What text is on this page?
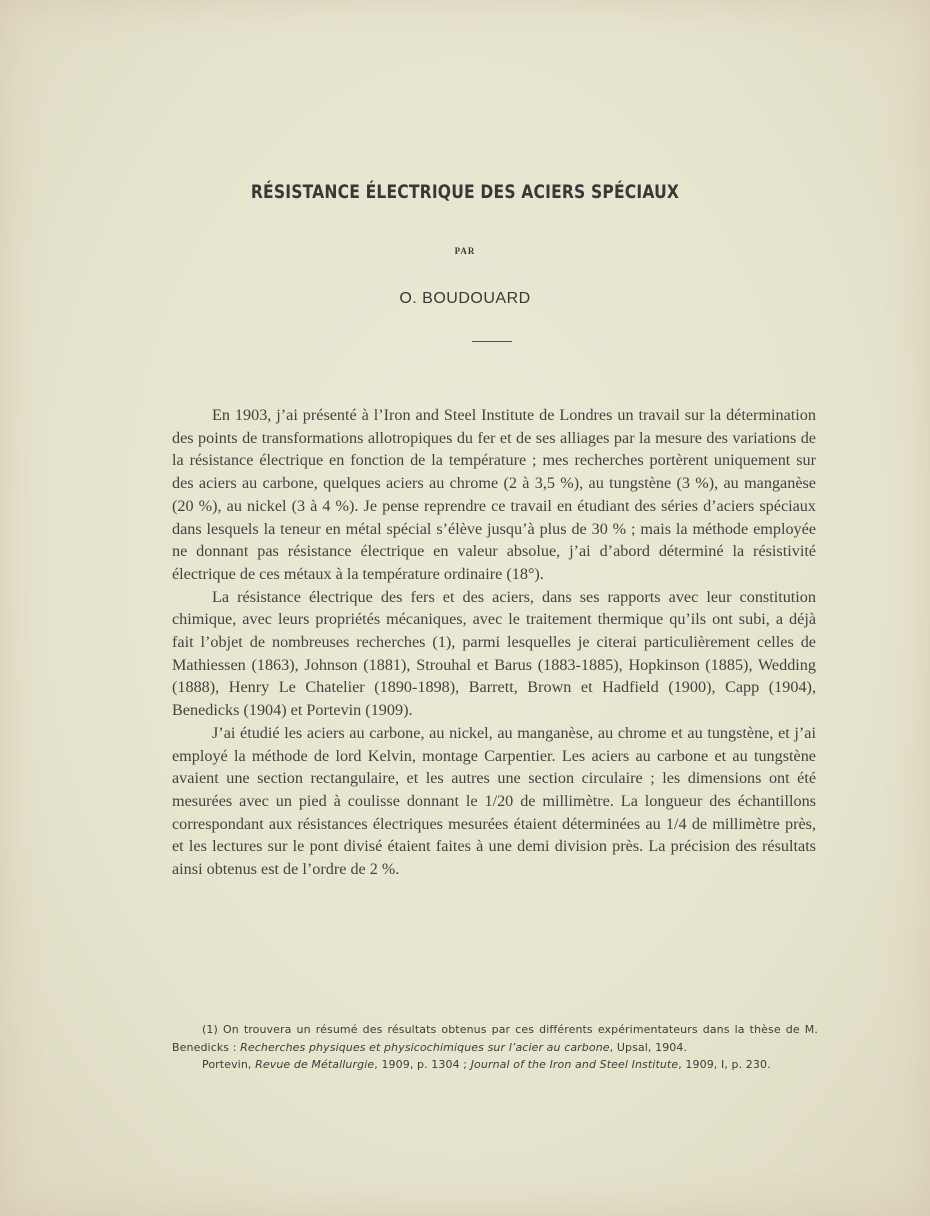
RÉSISTANCE ÉLECTRIQUE DES ACIERS SPÉCIAUX
PAR
O. BOUDOUARD

En 1903, j’ai présenté à l’Iron and Steel Institute de Londres un travail sur la détermination des points de transformations allotropiques du fer et de ses alliages par la mesure des variations de la résistance électrique en fonction de la température ; mes recherches portèrent uniquement sur des aciers au carbone, quelques aciers au chrome (2 à 3,5 %), au tungstène (3 %), au manganèse (20 %), au nickel (3 à 4 %). Je pense reprendre ce travail en étudiant des séries d’aciers spéciaux dans lesquels la teneur en métal spécial s’élève jusqu’à plus de 30 % ; mais la méthode employée ne donnant pas résistance électrique en valeur absolue, j’ai d’abord déterminé la résistivité électrique de ces métaux à la température ordinaire (18°).

La résistance électrique des fers et des aciers, dans ses rapports avec leur constitution chimique, avec leurs propriétés mécaniques, avec le traitement thermique qu’ils ont subi, a déjà fait l’objet de nombreuses recherches (1), parmi lesquelles je citerai particulièrement celles de Mathiessen (1863), Johnson (1881), Strouhal et Barus (1883-1885), Hopkinson (1885), Wedding (1888), Henry Le Chatelier (1890-1898), Barrett, Brown et Hadfield (1900), Capp (1904), Benedicks (1904) et Portevin (1909).

J’ai étudié les aciers au carbone, au nickel, au manganèse, au chrome et au tungstène, et j’ai employé la méthode de lord Kelvin, montage Carpentier. Les aciers au carbone et au tungstène avaient une section rectangulaire, et les autres une section circulaire ; les dimensions ont été mesurées avec un pied à coulisse donnant le 1/20 de millimètre. La longueur des échantillons correspondant aux résistances électriques mesurées étaient déterminées au 1/4 de millimètre près, et les lectures sur le pont divisé étaient faites à une demi division près. La précision des résultats ainsi obtenus est de l’ordre de 2 %.

(1) On trouvera un résumé des résultats obtenus par ces différents expérimentateurs dans la thèse de M. Benedicks : Recherches physiques et physicochimiques sur l’acier au carbone, Upsal, 1904.

Portevin, Revue de Métallurgie, 1909, p. 1304 ; Journal of the Iron and Steel Institute, 1909, I, p. 230.
